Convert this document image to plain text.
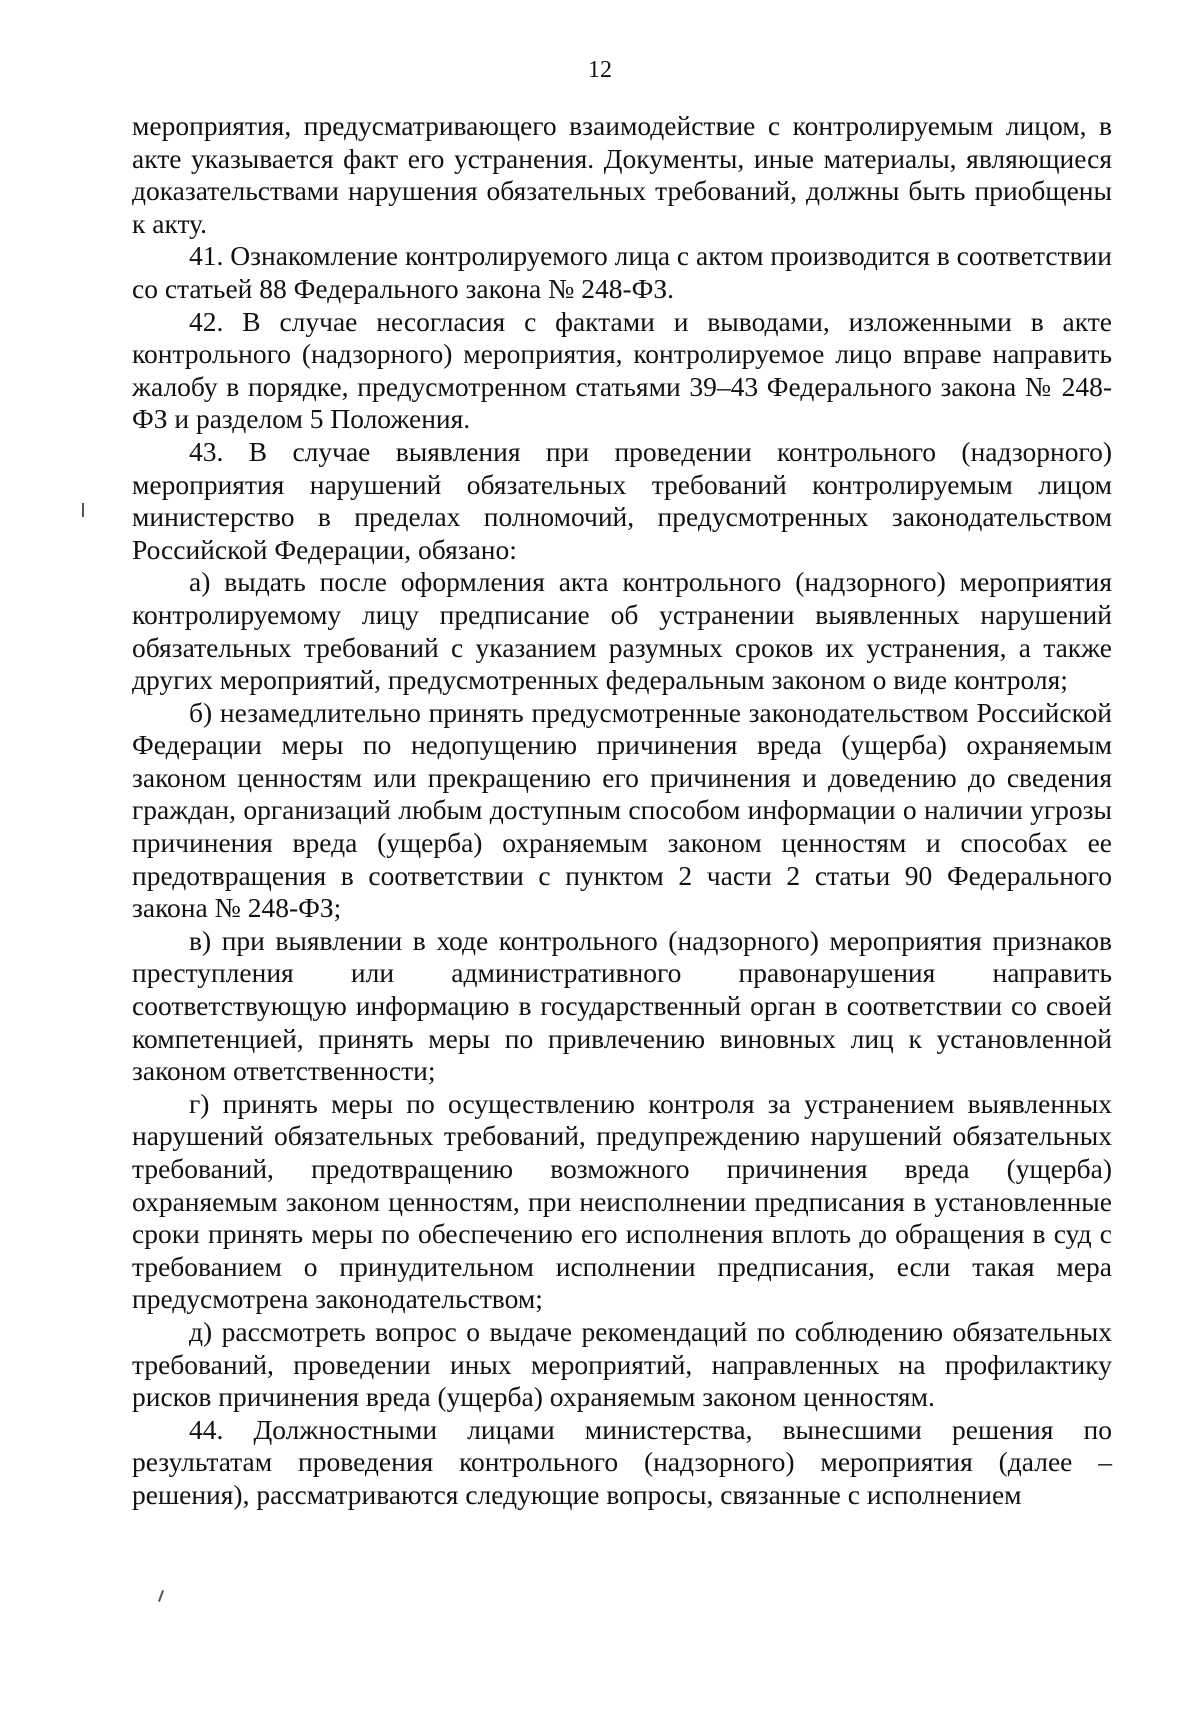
12

мероприятия, предусматривающего взаимодействие с контролируемым лицом, в акте указывается факт его устранения. Документы, иные материалы, являющиеся доказательствами нарушения обязательных требований, должны быть приобщены к акту.

41. Ознакомление контролируемого лица с актом производится в соответствии со статьей 88 Федерального закона № 248-ФЗ.

42. В случае несогласия с фактами и выводами, изложенными в акте контрольного (надзорного) мероприятия, контролируемое лицо вправе направить жалобу в порядке, предусмотренном статьями 39–43 Федерального закона № 248-ФЗ и разделом 5 Положения.

43. В случае выявления при проведении контрольного (надзорного) мероприятия нарушений обязательных требований контролируемым лицом министерство в пределах полномочий, предусмотренных законодательством Российской Федерации, обязано:

а) выдать после оформления акта контрольного (надзорного) мероприятия контролируемому лицу предписание об устранении выявленных нарушений обязательных требований с указанием разумных сроков их устранения, а также других мероприятий, предусмотренных федеральным законом о виде контроля;

б) незамедлительно принять предусмотренные законодательством Российской Федерации меры по недопущению причинения вреда (ущерба) охраняемым законом ценностям или прекращению его причинения и доведению до сведения граждан, организаций любым доступным способом информации о наличии угрозы причинения вреда (ущерба) охраняемым законом ценностям и способах ее предотвращения в соответствии с пунктом 2 части 2 статьи 90 Федерального закона № 248-ФЗ;

в) при выявлении в ходе контрольного (надзорного) мероприятия признаков преступления или административного правонарушения направить соответствующую информацию в государственный орган в соответствии со своей компетенцией, принять меры по привлечению виновных лиц к установленной законом ответственности;

г) принять меры по осуществлению контроля за устранением выявленных нарушений обязательных требований, предупреждению нарушений обязательных требований, предотвращению возможного причинения вреда (ущерба) охраняемым законом ценностям, при неисполнении предписания в установленные сроки принять меры по обеспечению его исполнения вплоть до обращения в суд с требованием о принудительном исполнении предписания, если такая мера предусмотрена законодательством;

д) рассмотреть вопрос о выдаче рекомендаций по соблюдению обязательных требований, проведении иных мероприятий, направленных на профилактику рисков причинения вреда (ущерба) охраняемым законом ценностям.

44. Должностными лицами министерства, вынесшими решения по результатам проведения контрольного (надзорного) мероприятия (далее – решения), рассматриваются следующие вопросы, связанные с исполнением
